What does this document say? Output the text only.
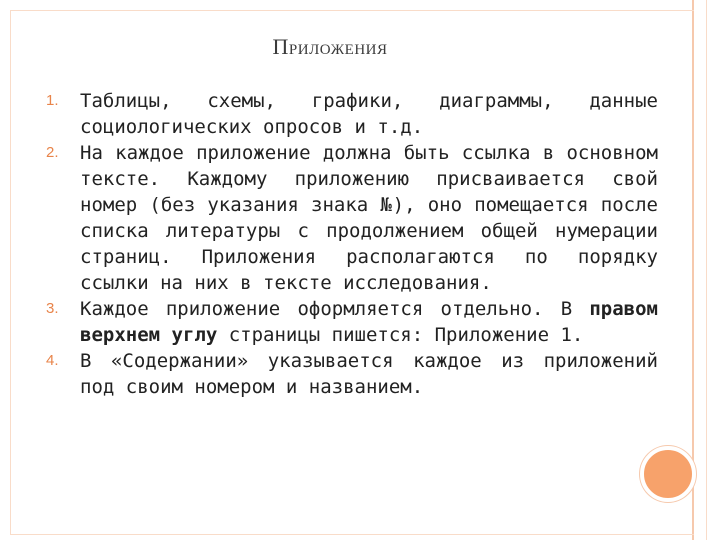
Приложения
1.	Таблицы, схемы, графики, диаграммы, данные социологических опросов и т.д.
2.	На каждое приложение должна быть ссылка в основном тексте. Каждому приложению присваивается свой номер (без указания знака №), оно помещается после списка литературы с продолжением общей нумерации страниц. Приложения располагаются по порядку ссылки на них в тексте исследования.
3.	Каждое приложение оформляется отдельно. В правом верхнем углу страницы пишется: Приложение 1.
4.	В «Содержании» указывается каждое из приложений под своим номером и названием.
